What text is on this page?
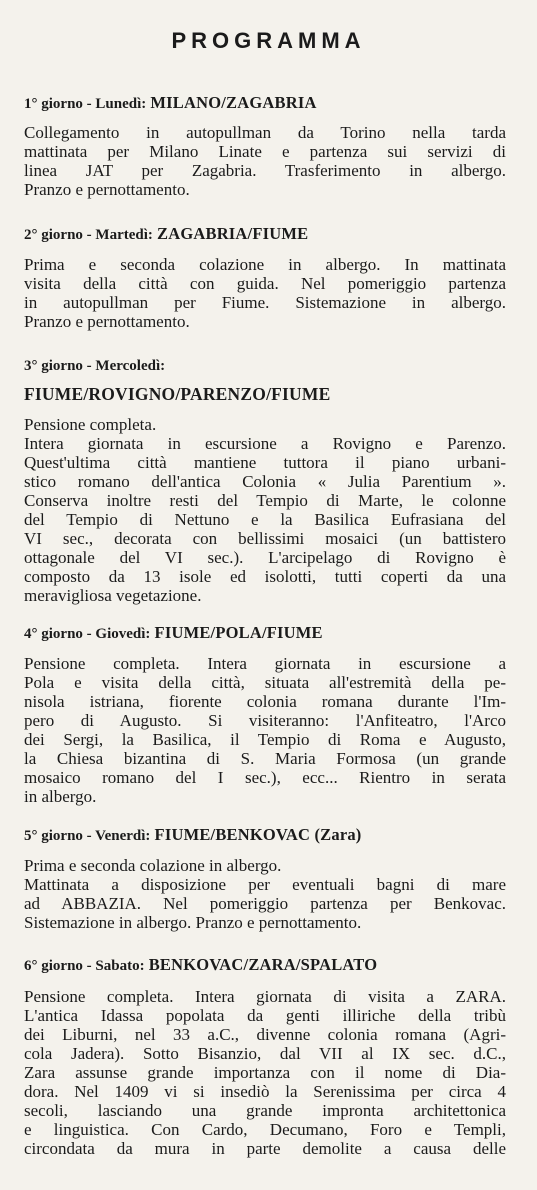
PROGRAMMA
1° giorno - Lunedì: MILANO/ZAGABRIA
Collegamento in autopullman da Torino nella tarda
mattinata per Milano Linate e partenza sui servizi di
linea JAT per Zagabria. Trasferimento in albergo.
Pranzo e pernottamento.
2° giorno - Martedì: ZAGABRIA/FIUME
Prima e seconda colazione in albergo. In mattinata
visita della città con guida. Nel pomeriggio partenza
in autopullman per Fiume. Sistemazione in albergo.
Pranzo e pernottamento.
3° giorno - Mercoledì:
FIUME/ROVIGNO/PARENZO/FIUME
Pensione completa.
Intera giornata in escursione a Rovigno e Parenzo.
Quest'ultima città mantiene tuttora il piano urbani-
stico romano dell'antica Colonia « Julia Parentium ».
Conserva inoltre resti del Tempio di Marte, le colonne
del Tempio di Nettuno e la Basilica Eufrasiana del
VI sec., decorata con bellissimi mosaici (un battistero
ottagonale del VI sec.). L'arcipelago di Rovigno è
composto da 13 isole ed isolotti, tutti coperti da una
meravigliosa vegetazione.
4° giorno - Giovedì: FIUME/POLA/FIUME
Pensione completa. Intera giornata in escursione a
Pola e visita della città, situata all'estremità della pe-
nisola istriana, fiorente colonia romana durante l'Im-
pero di Augusto. Si visiteranno: l'Anfiteatro, l'Arco
dei Sergi, la Basilica, il Tempio di Roma e Augusto,
la Chiesa bizantina di S. Maria Formosa (un grande
mosaico romano del I sec.), ecc... Rientro in serata
in albergo.
5° giorno - Venerdì: FIUME/BENKOVAC (Zara)
Prima e seconda colazione in albergo.
Mattinata a disposizione per eventuali bagni di mare
ad ABBAZIA. Nel pomeriggio partenza per Benkovac.
Sistemazione in albergo. Pranzo e pernottamento.
6° giorno - Sabato: BENKOVAC/ZARA/SPALATO
Pensione completa. Intera giornata di visita a ZARA.
L'antica Idassa popolata da genti illiriche della tribù
dei Liburni, nel 33 a.C., divenne colonia romana (Agri-
cola Jadera). Sotto Bisanzio, dal VII al IX sec. d.C.,
Zara assunse grande importanza con il nome di Dia-
dora. Nel 1409 vi si insediò la Serenissima per circa 4
secoli, lasciando una grande impronta architettonica
e linguistica. Con Cardo, Decumano, Foro e Templi,
circondata da mura in parte demolite a causa delle
